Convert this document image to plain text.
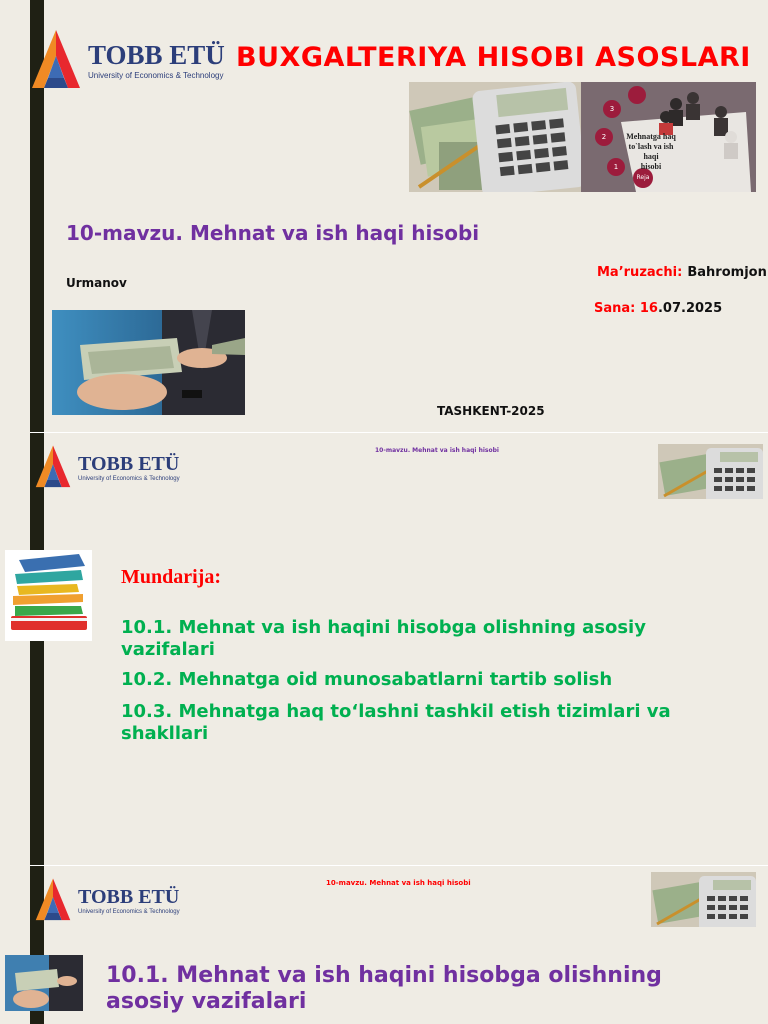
TOBB ETÜ
University of Economics & Technology
BUXGALTERIYA HISOBI ASOSLARI
3
2
1
Reja
Mehnatga haq
to`lash va ish haqi
hisobi
10-mavzu. Mehnat va ish haqi hisobi
Ma’ruzachi: Bahromjon
Urmanov
Sana: 16.07.2025
TASHKENT-2025
TOBB ETÜ
University of Economics & Technology
10-mavzu. Mehnat va ish haqi hisobi
Mundarija:
10.1. Mehnat va ish haqini hisobga olishning asosiy vazifalari
10.2. Mehnatga oid munosabatlarni tartib solish
10.3. Mehnatga haq to‘lashni tashkil etish tizimlari va shakllari
TOBB ETÜ
University of Economics & Technology
10-mavzu. Mehnat va ish haqi hisobi
10.1. Mehnat va ish haqini hisobga olishning asosiy vazifalari
